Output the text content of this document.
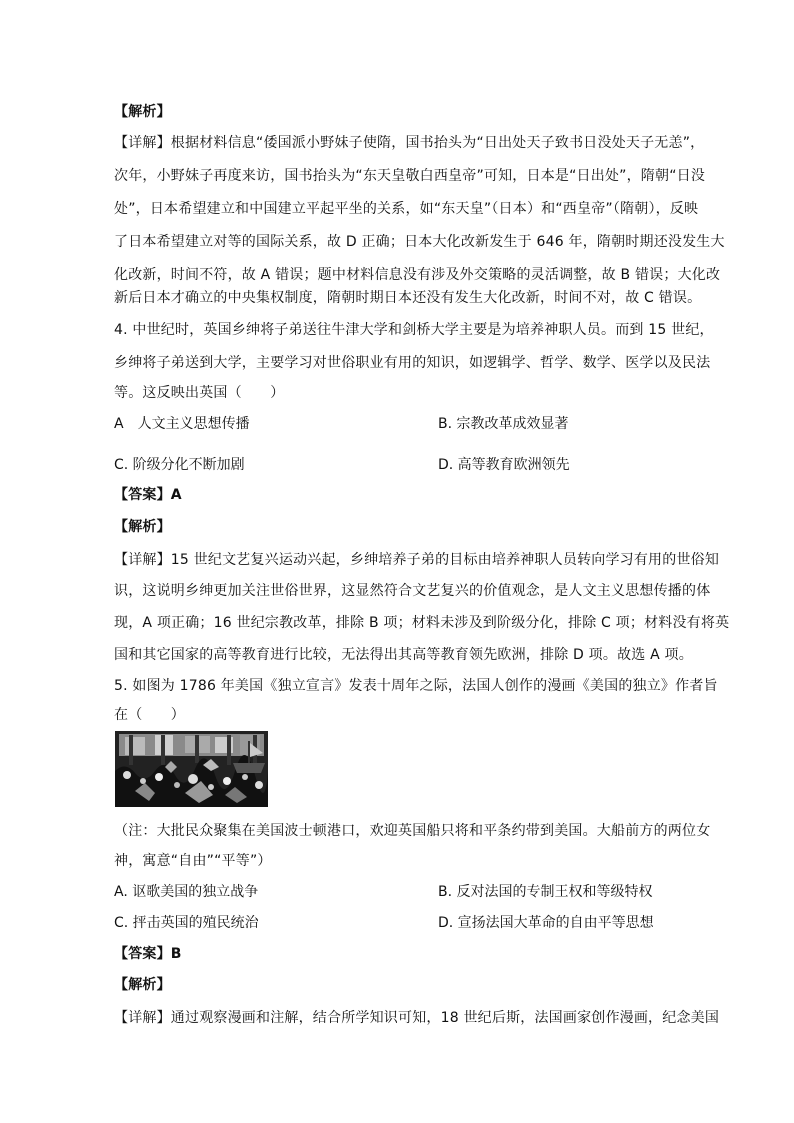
【解析】
【详解】根据材料信息“倭国派小野妹子使隋，国书抬头为“日出处天子致书日没处天子无恙”，
次年，小野妹子再度来访，国书抬头为“东天皇敬白西皇帝”可知，日本是“日出处”，隋朝“日没
处”，日本希望建立和中国建立平起平坐的关系，如“东天皇”（日本）和“西皇帝”（隋朝），反映
了日本希望建立对等的国际关系，故 D 正确；日本大化改新发生于 646 年，隋朝时期还没发生大
化改新，时间不符，故 A 错误；题中材料信息没有涉及外交策略的灵活调整，故 B 错误；大化改
新后日本才确立的中央集权制度，隋朝时期日本还没有发生大化改新，时间不对，故 C 错误。
4. 中世纪时，英国乡绅将子弟送往牛津大学和剑桥大学主要是为培养神职人员。而到 15 世纪，
乡绅将子弟送到大学，主要学习对世俗职业有用的知识，如逻辑学、哲学、数学、医学以及民法
等。这反映出英国（　　）
A　人文主义思想传播	B. 宗教改革成效显著
C. 阶级分化不断加剧	D. 高等教育欧洲领先
【答案】A
【解析】
【详解】15 世纪文艺复兴运动兴起，乡绅培养子弟的目标由培养神职人员转向学习有用的世俗知
识，这说明乡绅更加关注世俗世界，这显然符合文艺复兴的价值观念，是人文主义思想传播的体
现，A 项正确；16 世纪宗教改革，排除 B 项；材料未涉及到阶级分化，排除 C 项；材料没有将英
国和其它国家的高等教育进行比较，无法得出其高等教育领先欧洲，排除 D 项。故选 A 项。
5. 如图为 1786 年美国《独立宣言》发表十周年之际，法国人创作的漫画《美国的独立》作者旨
在（　　）
（注：大批民众聚集在美国波士顿港口，欢迎英国船只将和平条约带到美国。大船前方的两位女
神，寓意“自由”“平等”）
A. 讴歌美国的独立战争	B. 反对法国的专制王权和等级特权
C. 抨击英国的殖民统治	D. 宣扬法国大革命的自由平等思想
【答案】B
【解析】
【详解】通过观察漫画和注解，结合所学知识可知，18 世纪后斯，法国画家创作漫画，纪念美国
